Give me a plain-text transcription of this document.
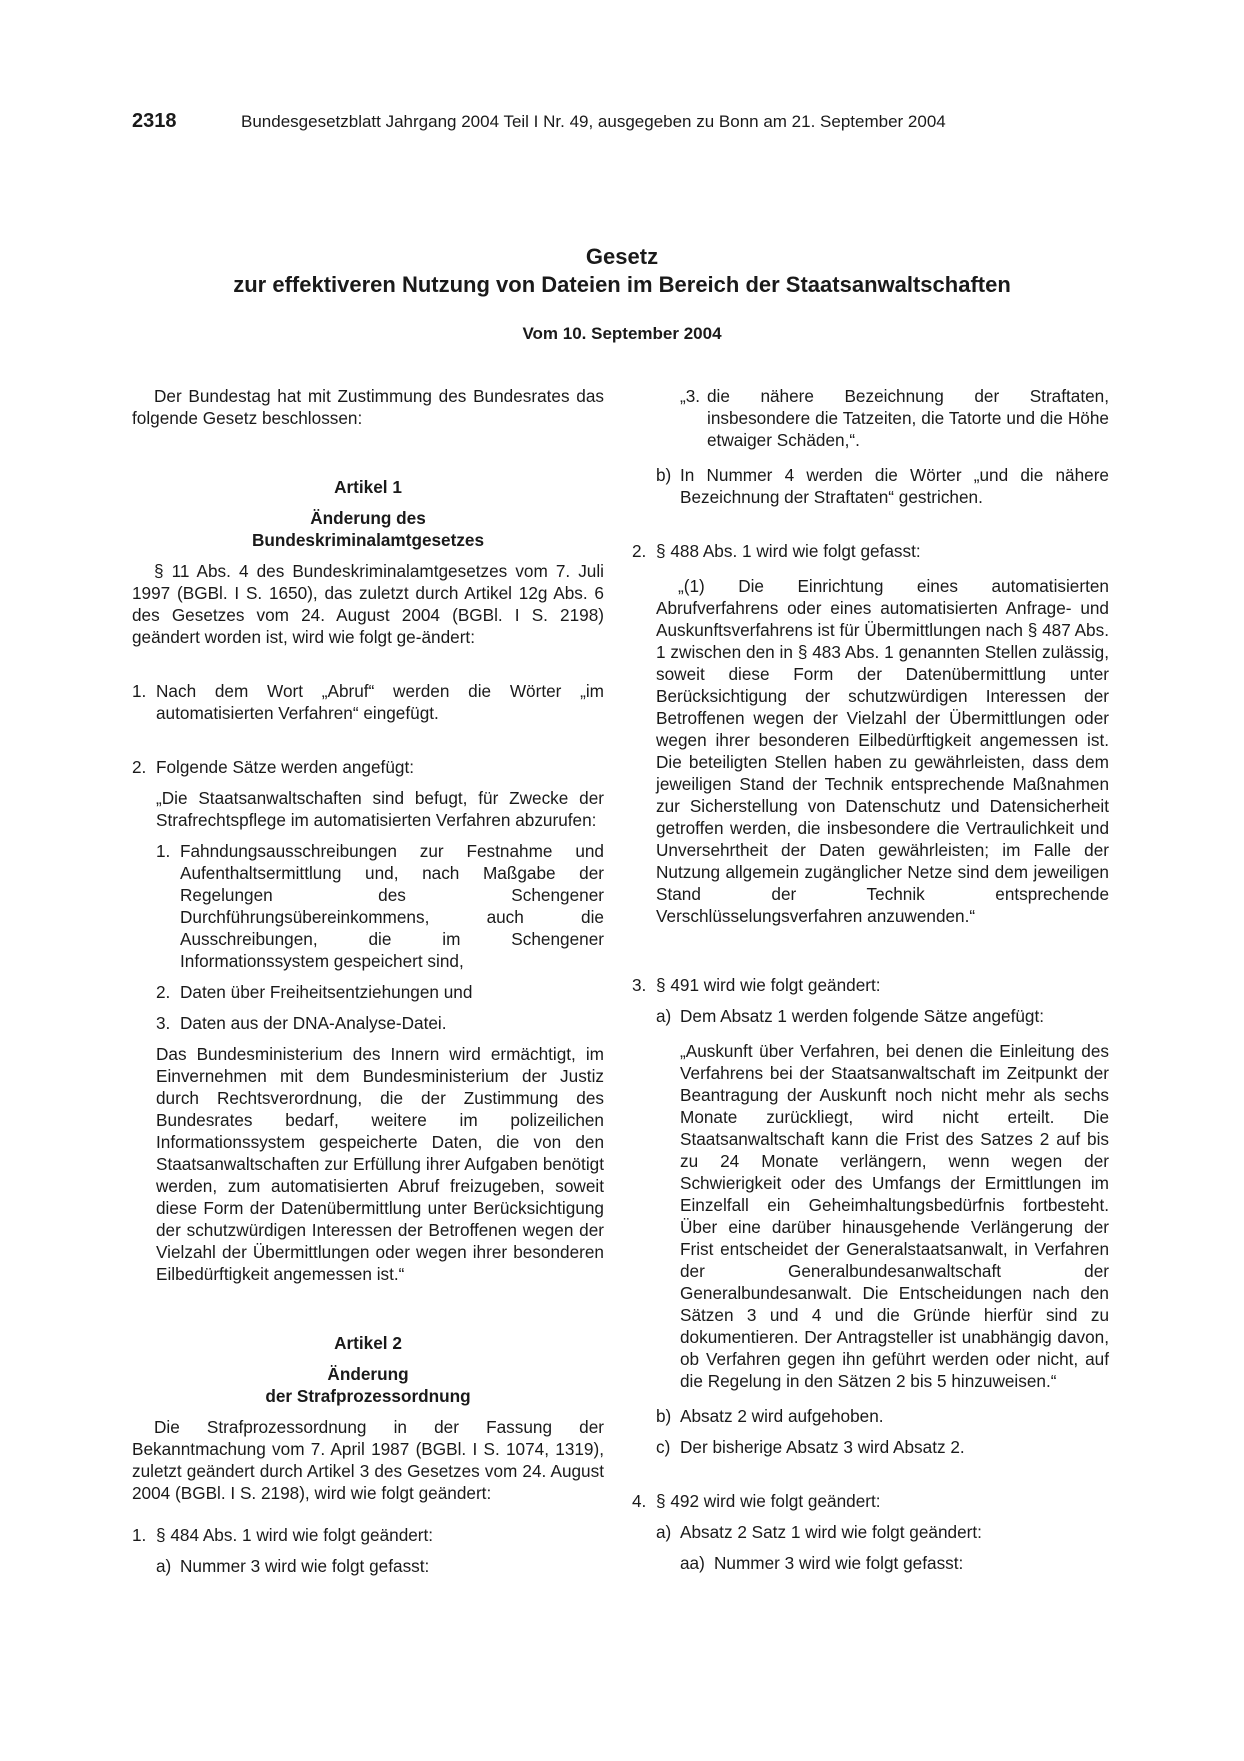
2318	Bundesgesetzblatt Jahrgang 2004 Teil I Nr. 49, ausgegeben zu Bonn am 21. September 2004
Gesetz
zur effektiveren Nutzung von Dateien im Bereich der Staatsanwaltschaften
Vom 10. September 2004

Der Bundestag hat mit Zustimmung des Bundesrates das folgende Gesetz beschlossen:

Artikel 1

Änderung des

Bundeskriminalamtgesetzes

§ 11 Abs. 4 des Bundeskriminalamtgesetzes vom 7. Juli 1997 (BGBl. I S. 1650), das zuletzt durch Artikel 12g Abs. 6 des Gesetzes vom 24. August 2004 (BGBl. I S. 2198) geändert worden ist, wird wie folgt ge-ändert:

1. Nach dem Wort „Abruf“ werden die Wörter „im automatisierten Verfahren“ eingefügt.
2. Folgende Sätze werden angefügt:

„Die Staatsanwaltschaften sind befugt, für Zwecke der Strafrechtspflege im automatisierten Verfahren abzurufen:

1. Fahndungsausschreibungen zur Festnahme und Aufenthaltsermittlung und, nach Maßgabe der Regelungen des Schengener Durchführungsübereinkommens, auch die Ausschreibungen, die im Schengener Informationssystem gespeichert sind,
2. Daten über Freiheitsentziehungen und
3. Daten aus der DNA-Analyse-Datei.

Das Bundesministerium des Innern wird ermächtigt, im Einvernehmen mit dem Bundesministerium der Justiz durch Rechtsverordnung, die der Zustimmung des Bundesrates bedarf, weitere im polizeilichen Informationssystem gespeicherte Daten, die von den Staatsanwaltschaften zur Erfüllung ihrer Aufgaben benötigt werden, zum automatisierten Abruf freizugeben, soweit diese Form der Datenübermittlung unter Berücksichtigung der schutzwürdigen Interessen der Betroffenen wegen der Vielzahl der Übermittlungen oder wegen ihrer besonderen Eilbedürftigkeit angemessen ist.“

Artikel 2

Änderung

der Strafprozessordnung

Die Strafprozessordnung in der Fassung der Bekanntmachung vom 7. April 1987 (BGBl. I S. 1074, 1319), zuletzt geändert durch Artikel 3 des Gesetzes vom 24. August 2004 (BGBl. I S. 2198), wird wie folgt geändert:

1. § 484 Abs. 1 wird wie folgt geändert:
a) Nummer 3 wird wie folgt gefasst:
„3. die nähere Bezeichnung der Straftaten, insbesondere die Tatzeiten, die Tatorte und die Höhe etwaiger Schäden,“.
b) In Nummer 4 werden die Wörter „und die nähere Bezeichnung der Straftaten“ gestrichen.
2. § 488 Abs. 1 wird wie folgt gefasst:

„(1) Die Einrichtung eines automatisierten Abrufverfahrens oder eines automatisierten Anfrage- und Auskunftsverfahrens ist für Übermittlungen nach § 487 Abs. 1 zwischen den in § 483 Abs. 1 genannten Stellen zulässig, soweit diese Form der Datenübermittlung unter Berücksichtigung der schutzwürdigen Interessen der Betroffenen wegen der Vielzahl der Übermittlungen oder wegen ihrer besonderen Eilbedürftigkeit angemessen ist. Die beteiligten Stellen haben zu gewährleisten, dass dem jeweiligen Stand der Technik entsprechende Maßnahmen zur Sicherstellung von Datenschutz und Datensicherheit getroffen werden, die insbesondere die Vertraulichkeit und Unversehrtheit der Daten gewährleisten; im Falle der Nutzung allgemein zugänglicher Netze sind dem jeweiligen Stand der Technik entsprechende Verschlüsselungsverfahren anzuwenden.“

3. § 491 wird wie folgt geändert:
a) Dem Absatz 1 werden folgende Sätze angefügt:

„Auskunft über Verfahren, bei denen die Einleitung des Verfahrens bei der Staatsanwaltschaft im Zeitpunkt der Beantragung der Auskunft noch nicht mehr als sechs Monate zurückliegt, wird nicht erteilt. Die Staatsanwaltschaft kann die Frist des Satzes 2 auf bis zu 24 Monate verlängern, wenn wegen der Schwierigkeit oder des Umfangs der Ermittlungen im Einzelfall ein Geheimhaltungsbedürfnis fortbesteht. Über eine darüber hinausgehende Verlängerung der Frist entscheidet der Generalstaatsanwalt, in Verfahren der Generalbundesanwaltschaft der Generalbundesanwalt. Die Entscheidungen nach den Sätzen 3 und 4 und die Gründe hierfür sind zu dokumentieren. Der Antragsteller ist unabhängig davon, ob Verfahren gegen ihn geführt werden oder nicht, auf die Regelung in den Sätzen 2 bis 5 hinzuweisen.“

b) Absatz 2 wird aufgehoben.
c) Der bisherige Absatz 3 wird Absatz 2.
4. § 492 wird wie folgt geändert:
a) Absatz 2 Satz 1 wird wie folgt geändert:
aa) Nummer 3 wird wie folgt gefasst:
